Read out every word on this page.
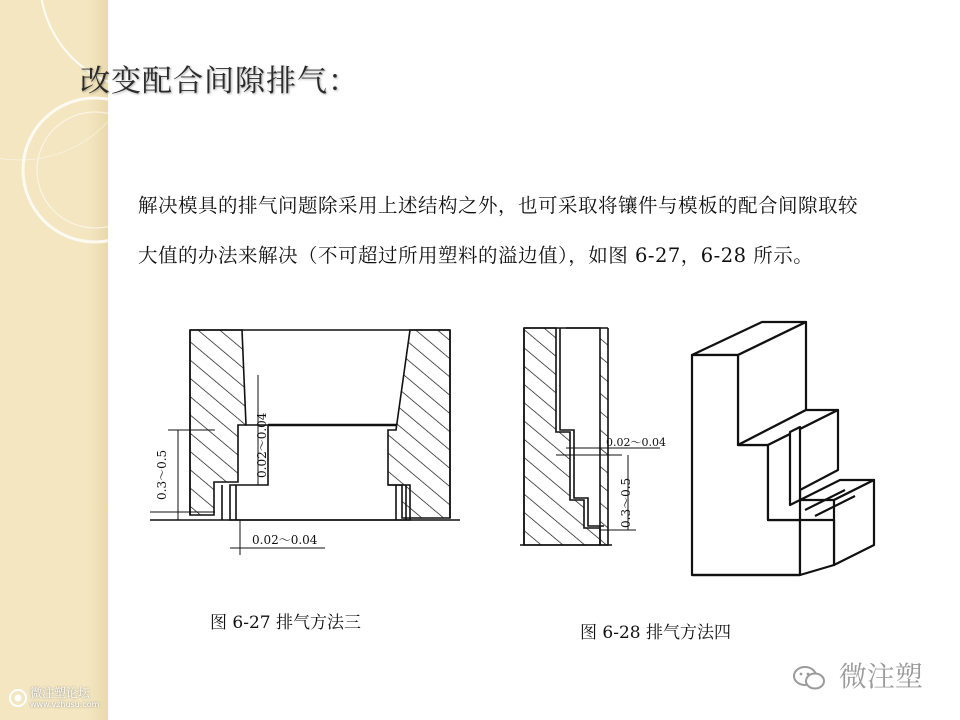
改变配合间隙排气：
解决模具的排气问题除采用上述结构之外，也可采取将镶件与模板的配合间隙取较
大值的办法来解决（不可超过所用塑料的溢边值），如图 6-27，6-28 所示。
0.3～0.5	0.02～0.04
0.02～0.04
0.02～0.04
0.3～0.5
图 6-27 排气方法三	图 6-28 排气方法四
微注塑
微注塑论坛
www.vzhusu.com
